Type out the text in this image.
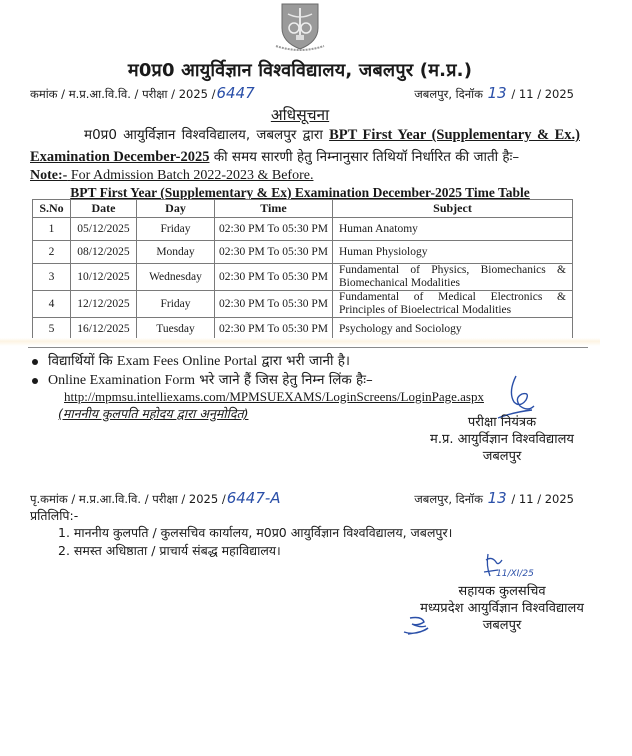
म0प्र0 आयुर्विज्ञान विश्वविद्यालय, जबलपुर (म.प्र.)
कमांक / म.प्र.आ.वि.वि. / परीक्षा / 2025 /6447	जबलपुर, दिनॉक 13 / 11 / 2025
अधिसूचना
म0प्र0 आयुर्विज्ञान विश्वविद्यालय, जबलपुर द्वारा BPT First Year (Supplementary & Ex.) Examination December-2025 की समय सारणी हेतु निम्नानुसार तिथियॉ निर्धारित की जाती हैः–
Note:- For Admission Batch 2022-2023 & Before.
BPT First Year (Supplementary & Ex) Examination December-2025 Time Table
S.No	Date	Day	Time	Subject
1	05/12/2025	Friday	02:30 PM To 05:30 PM	Human Anatomy
2	08/12/2025	Monday	02:30 PM To 05:30 PM	Human Physiology
3	10/12/2025	Wednesday	02:30 PM To 05:30 PM	Fundamental of Physics, Biomechanics & Biomechanical Modalities
4	12/12/2025	Friday	02:30 PM To 05:30 PM	Fundamental of Medical Electronics & Principles of Bioelectrical Modalities
5	16/12/2025	Tuesday	02:30 PM To 05:30 PM	Psychology and Sociology
विद्यार्थियों कि Exam Fees Online Portal द्वारा भरी जानी है।
Online Examination Form भरे जाने हैं जिस हेतु निम्न लिंक हैः–
http://mpmsu.intelliexams.com/MPMSUEXAMS/LoginScreens/LoginPage.aspx
(माननीय कुलपति महोदय द्वारा अनुमोदित)
परीक्षा नियंत्रक
म.प्र. आयुर्विज्ञान विश्वविद्यालय
जबलपुर
पृ.कमांक / म.प्र.आ.वि.वि. / परीक्षा / 2025 /6447-A	जबलपुर, दिनॉक 13 / 11 / 2025
प्रतिलिपि:-
1. माननीय कुलपति / कुलसचिव कार्यालय, म0प्र0 आयुर्विज्ञान विश्वविद्यालय, जबलपुर।
2. समस्त अधिष्ठाता / प्राचार्य संबद्ध महाविद्यालय।
11/XI/25
सहायक कुलसचिव
मध्यप्रदेश आयुर्विज्ञान विश्वविद्यालय
जबलपुर
